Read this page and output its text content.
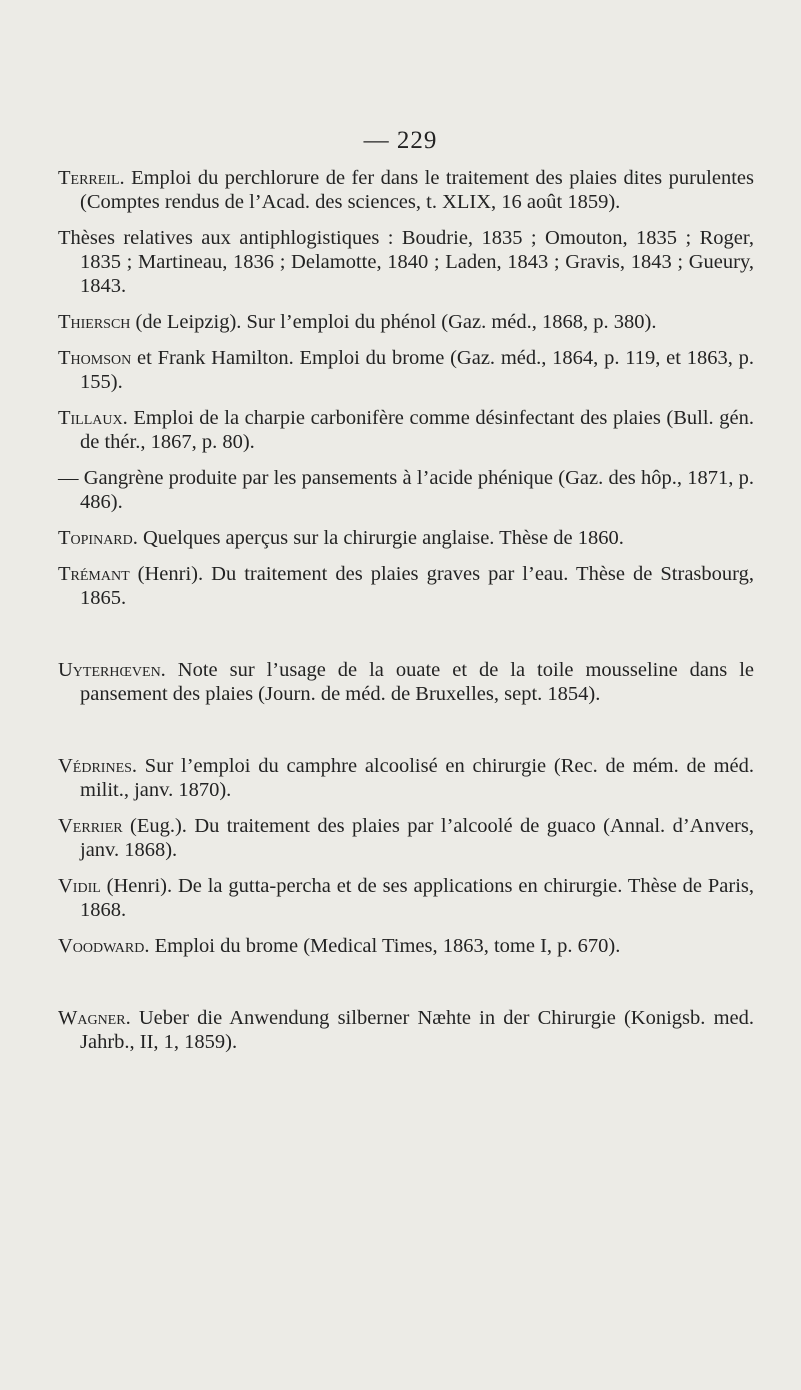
— 229

Terreil. Emploi du perchlorure de fer dans le traitement des plaies dites purulentes (Comptes rendus de l’Acad. des sciences, t. XLIX, 16 août 1859).

Thèses relatives aux antiphlogistiques : Boudrie, 1835 ; Omouton, 1835 ; Roger, 1835 ; Martineau, 1836 ; Delamotte, 1840 ; Laden, 1843 ; Gravis, 1843 ; Gueury, 1843.

Thiersch (de Leipzig). Sur l’emploi du phénol (Gaz. méd., 1868, p. 380).

Thomson et Frank Hamilton. Emploi du brome (Gaz. méd., 1864, p. 119, et 1863, p. 155).

Tillaux. Emploi de la charpie carbonifère comme désinfectant des plaies (Bull. gén. de thér., 1867, p. 80).

— Gangrène produite par les pansements à l’acide phénique (Gaz. des hôp., 1871, p. 486).

Topinard. Quelques aperçus sur la chirurgie anglaise. Thèse de 1860.

Trémant (Henri). Du traitement des plaies graves par l’eau. Thèse de Strasbourg, 1865.

Uyterhœven. Note sur l’usage de la ouate et de la toile mousseline dans le pansement des plaies (Journ. de méd. de Bruxelles, sept. 1854).

Védrines. Sur l’emploi du camphre alcoolisé en chirurgie (Rec. de mém. de méd. milit., janv. 1870).

Verrier (Eug.). Du traitement des plaies par l’alcoolé de guaco (Annal. d’Anvers, janv. 1868).

Vidil (Henri). De la gutta-percha et de ses applications en chirurgie. Thèse de Paris, 1868.

Voodward. Emploi du brome (Medical Times, 1863, tome I, p. 670).

Wagner. Ueber die Anwendung silberner Næhte in der Chirurgie (Konigsb. med. Jahrb., II, 1, 1859).
